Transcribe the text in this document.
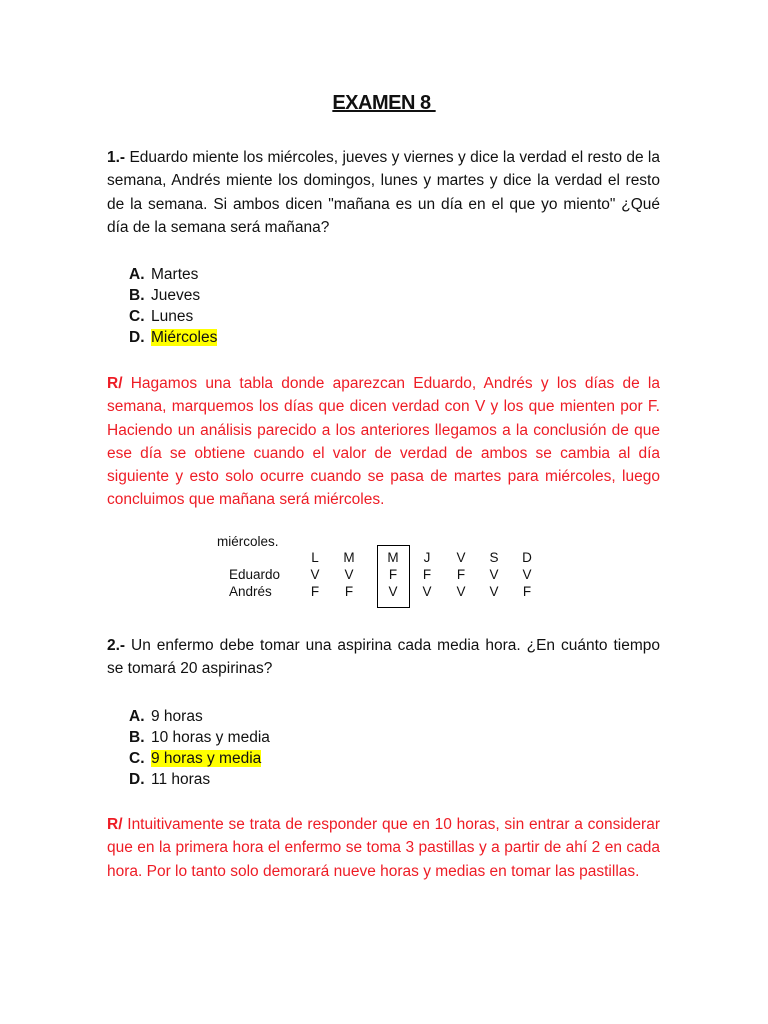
EXAMEN 8
1.- Eduardo miente los miércoles, jueves y viernes y dice la verdad el resto de la semana, Andrés miente los domingos, lunes y martes y dice la verdad el resto de la semana. Si ambos dicen "mañana es un día en el que yo miento" ¿Qué día de la semana será mañana?
A. Martes
B. Jueves
C. Lunes
D. Miércoles
R/ Hagamos una tabla donde aparezcan Eduardo, Andrés y los días de la semana, marquemos los días que dicen verdad con V y los que mienten por F. Haciendo un análisis parecido a los anteriores llegamos a la conclusión de que ese día se obtiene cuando el valor de verdad de ambos se cambia al día siguiente y esto solo ocurre cuando se pasa de martes para miércoles, luego concluimos que mañana será miércoles.
miércoles.
L	M	M	J	V	S	D
Eduardo	V	V	F	F	F	V	V
Andrés	F	F	V	V	V	V	F
2.- Un enfermo debe tomar una aspirina cada media hora. ¿En cuánto tiempo se tomará 20 aspirinas?
A. 9 horas
B. 10 horas y media
C. 9 horas y media
D. 11 horas
R/ Intuitivamente se trata de responder que en 10 horas, sin entrar a considerar que en la primera hora el enfermo se toma 3 pastillas y a partir de ahí 2 en cada hora. Por lo tanto solo demorará nueve horas y medias en tomar las pastillas.
